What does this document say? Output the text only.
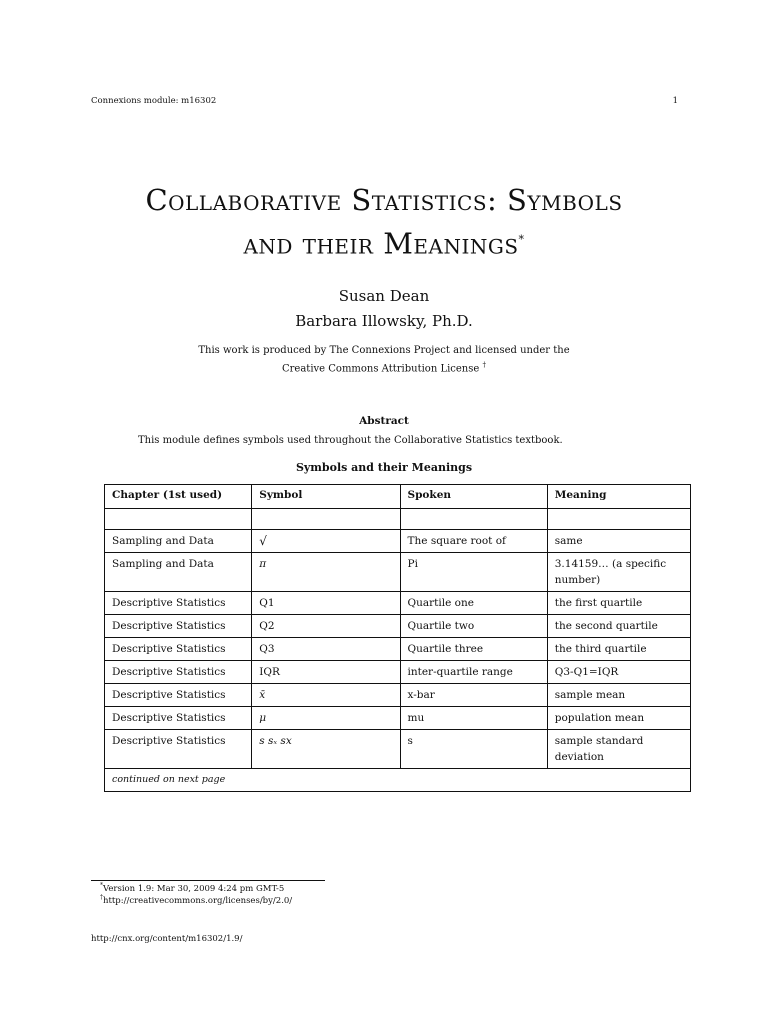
Connexions module: m16302	1
Collaborative Statistics: Symbols
and their Meanings*
Susan Dean
Barbara Illowsky, Ph.D.
This work is produced by The Connexions Project and licensed under the
Creative Commons Attribution License †
Abstract
This module defines symbols used throughout the Collaborative Statistics textbook.
Symbols and their Meanings
Chapter (1st used)	Symbol	Spoken	Meaning

Sampling and Data	√	The square root of	same
Sampling and Data	π	Pi	3.14159… (a specific number)
Descriptive Statistics	Q1	Quartile one	the first quartile
Descriptive Statistics	Q2	Quartile two	the second quartile
Descriptive Statistics	Q3	Quartile three	the third quartile
Descriptive Statistics	IQR	inter-quartile range	Q3-Q1=IQR
Descriptive Statistics	x̄	x-bar	sample mean
Descriptive Statistics	μ	mu	population mean
Descriptive Statistics	s sₓ sx	s	sample standard deviation
continued on next page			
*Version 1.9: Mar 30, 2009 4:24 pm GMT-5
†http://creativecommons.org/licenses/by/2.0/
http://cnx.org/content/m16302/1.9/
